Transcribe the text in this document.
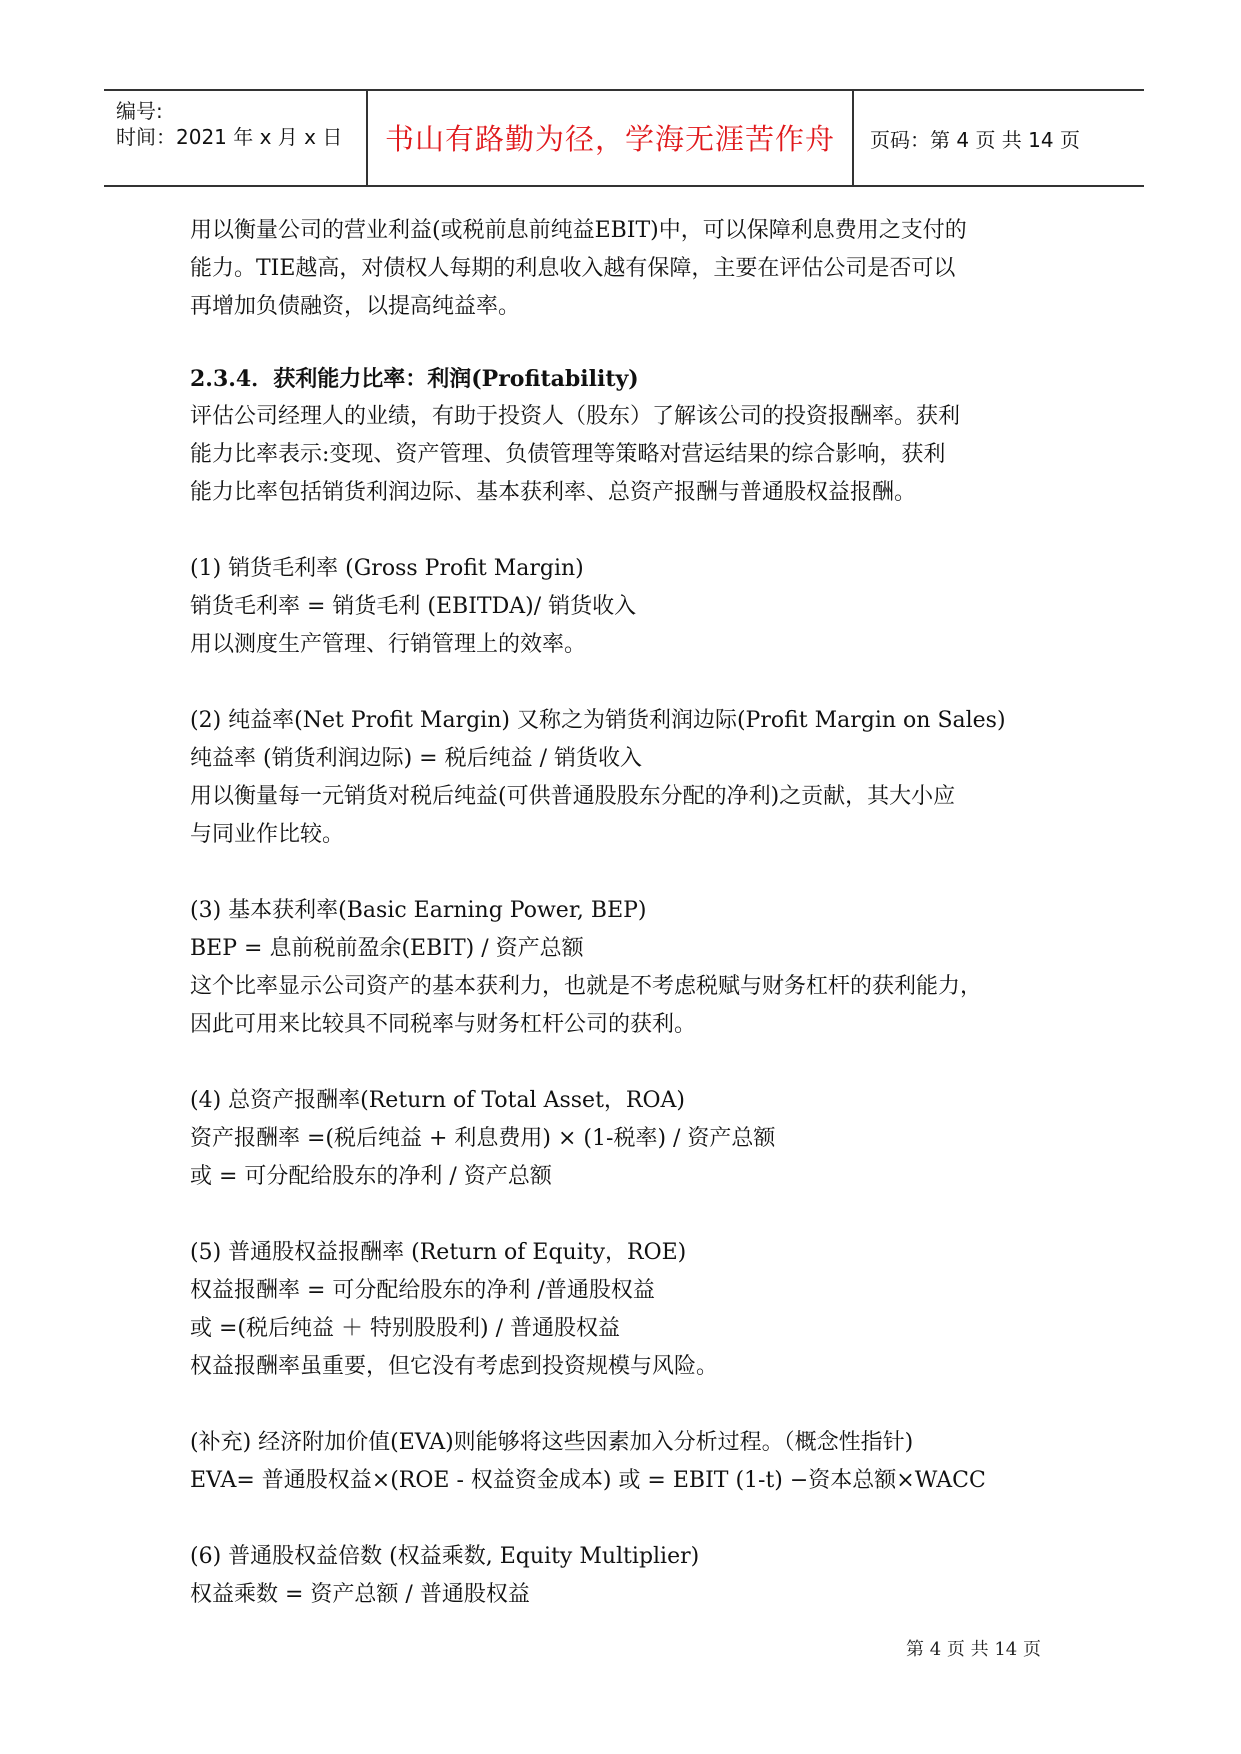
编号:
时间：2021 年 x 月 x 日	书山有路勤为径，学海无涯苦作舟	页码：第 4 页 共 14 页
用以衡量公司的营业利益(或税前息前纯益EBIT)中，可以保障利息费用之支付的
能力。TIE越高，对债权人每期的利息收入越有保障，主要在评估公司是否可以
再增加负债融资，以提高纯益率。
2.3.4．获利能力比率：利润(Profitability)
评估公司经理人的业绩，有助于投资人（股东）了解该公司的投资报酬率。获利
能力比率表示:变现、资产管理、负债管理等策略对营运结果的综合影响，获利
能力比率包括销货利润边际、基本获利率、总资产报酬与普通股权益报酬。
(1) 销货毛利率 (Gross Profit Margin)
销货毛利率 = 销货毛利 (EBITDA)/ 销货收入
用以测度生产管理、行销管理上的效率。
(2) 纯益率(Net Profit Margin) 又称之为销货利润边际(Profit Margin on Sales)
纯益率 (销货利润边际) = 税后纯益 / 销货收入
用以衡量每一元销货对税后纯益(可供普通股股东分配的净利)之贡献，其大小应
与同业作比较。
(3) 基本获利率(Basic Earning Power, BEP)
BEP = 息前税前盈余(EBIT) / 资产总额
这个比率显示公司资产的基本获利力，也就是不考虑税赋与财务杠杆的获利能力，
因此可用来比较具不同税率与财务杠杆公司的获利。
(4) 总资产报酬率(Return of Total Asset，ROA)
资产报酬率 =(税后纯益 + 利息费用) × (1-税率) / 资产总额
或 = 可分配给股东的净利 / 资产总额
(5) 普通股权益报酬率 (Return of Equity，ROE)
权益报酬率 = 可分配给股东的净利 /普通股权益
或 =(税后纯益 ＋ 特别股股利) / 普通股权益
权益报酬率虽重要，但它没有考虑到投资规模与风险。
(补充) 经济附加价值(EVA)则能够将这些因素加入分析过程。（概念性指针)
EVA= 普通股权益×(ROE - 权益资金成本) 或 = EBIT (1-t) −资本总额×WACC
(6) 普通股权益倍数 (权益乘数, Equity Multiplier)
权益乘数 = 资产总额 / 普通股权益
第 4 页 共 14 页
